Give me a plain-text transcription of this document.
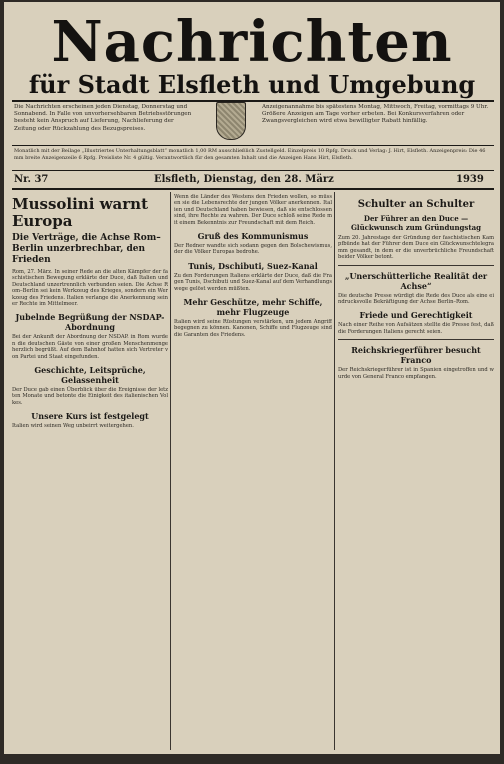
Nachrichten
für Stadt Elsfleth und Umgebung
Die Nachrichten erscheinen jeden Dienstag, Donnerstag und Sonnabend. In Falle von unvorhersehbaren Betriebsstörungen besteht kein Anspruch auf Lieferung, Nachlieferung der Zeitung oder Rückzahlung des Bezugspreises.
Anzeigenannahme bis spätestens Montag, Mittwoch, Freitag, vormittags 9 Uhr. Größere Anzeigen am Tage vorher erbeten. Bei Konkursverfahren oder Zwangsvergleichen wird etwa bewilligter Rabatt hinfällig.
Monatlich mit der Beilage „Illustriertes Unterhaltungsblatt“ monatlich 1,00 RM ausschließlich Zustellgeld. Einzelpreis 10 Rpfg. Druck und Verlag: J. Hirt, Elsfleth. Anzeigenpreis: Die 46 mm breite Anzeigenzeile 6 Rpfg. Preisliste Nr. 4 gültig. Verantwortlich für den gesamten Inhalt und die Anzeigen Hans Hirt, Elsfleth.
Nr. 37	Elsfleth, Dienstag, den 28. März	1939
Mussolini warnt Europa
Die Verträge, die Achse Rom–Berlin unzerbrechbar, den Frieden
Rom, 27. März. In seiner Rede an die alten Kämpfer der faschistischen Bewegung erklärte der Duce, daß Italien und Deutschland unzertrennlich verbunden seien. Die Achse Rom–Berlin sei kein Werkzeug des Krieges, sondern ein Werkzeug des Friedens. Italien verlange die Anerkennung seiner Rechte im Mittelmeer.
Jubelnde Begrüßung der NSDAP-Abordnung
Bei der Ankunft der Abordnung der NSDAP. in Rom wurden die deutschen Gäste von einer großen Menschenmenge herzlich begrüßt. Auf dem Bahnhof hatten sich Vertreter von Partei und Staat eingefunden.
Geschichte, Leitsprüche, Gelassenheit
Der Duce gab einen Überblick über die Ereignisse der letzten Monate und betonte die Einigkeit des italienischen Volkes.
Unsere Kurs ist festgelegt
Italien wird seinen Weg unbeirrt weitergehen.
Wenn die Länder des Westens den Frieden wollen, so müssen sie die Lebensrechte der jungen Völker anerkennen. Italien und Deutschland haben bewiesen, daß sie entschlossen sind, ihre Rechte zu wahren. Der Duce schloß seine Rede mit einem Bekenntnis zur Freundschaft mit dem Reich.
Gruß des Kommunismus
Der Redner wandte sich sodann gegen den Bolschewismus, der die Völker Europas bedrohe.
Tunis, Dschibuti, Suez-Kanal
Zu den Forderungen Italiens erklärte der Duce, daß die Fragen Tunis, Dschibuti und Suez-Kanal auf dem Verhandlungswege gelöst werden müßten.
Mehr Geschütze, mehr Schiffe, mehr Flugzeuge
Italien wird seine Rüstungen verstärken, um jedem Angriff begegnen zu können. Kanonen, Schiffe und Flugzeuge sind die Garanten des Friedens.
Schulter an Schulter
Der Führer an den Duce — Glückwunsch zum Gründungstag
Zum 20. Jahrestage der Gründung der faschistischen Kampfbünde hat der Führer dem Duce ein Glückwunschtelegramm gesandt, in dem er die unverbrüchliche Freundschaft beider Völker betont.
„Unerschütterliche Realität der Achse“
Die deutsche Presse würdigt die Rede des Duce als eine eindrucksvolle Bekräftigung der Achse Berlin–Rom.
Friede und Gerechtigkeit
Nach einer Reihe von Aufsätzen stellte die Presse fest, daß die Forderungen Italiens gerecht seien.
Reichskriegerführer besucht Franco
Der Reichskriegerführer ist in Spanien eingetroffen und wurde von General Franco empfangen.
